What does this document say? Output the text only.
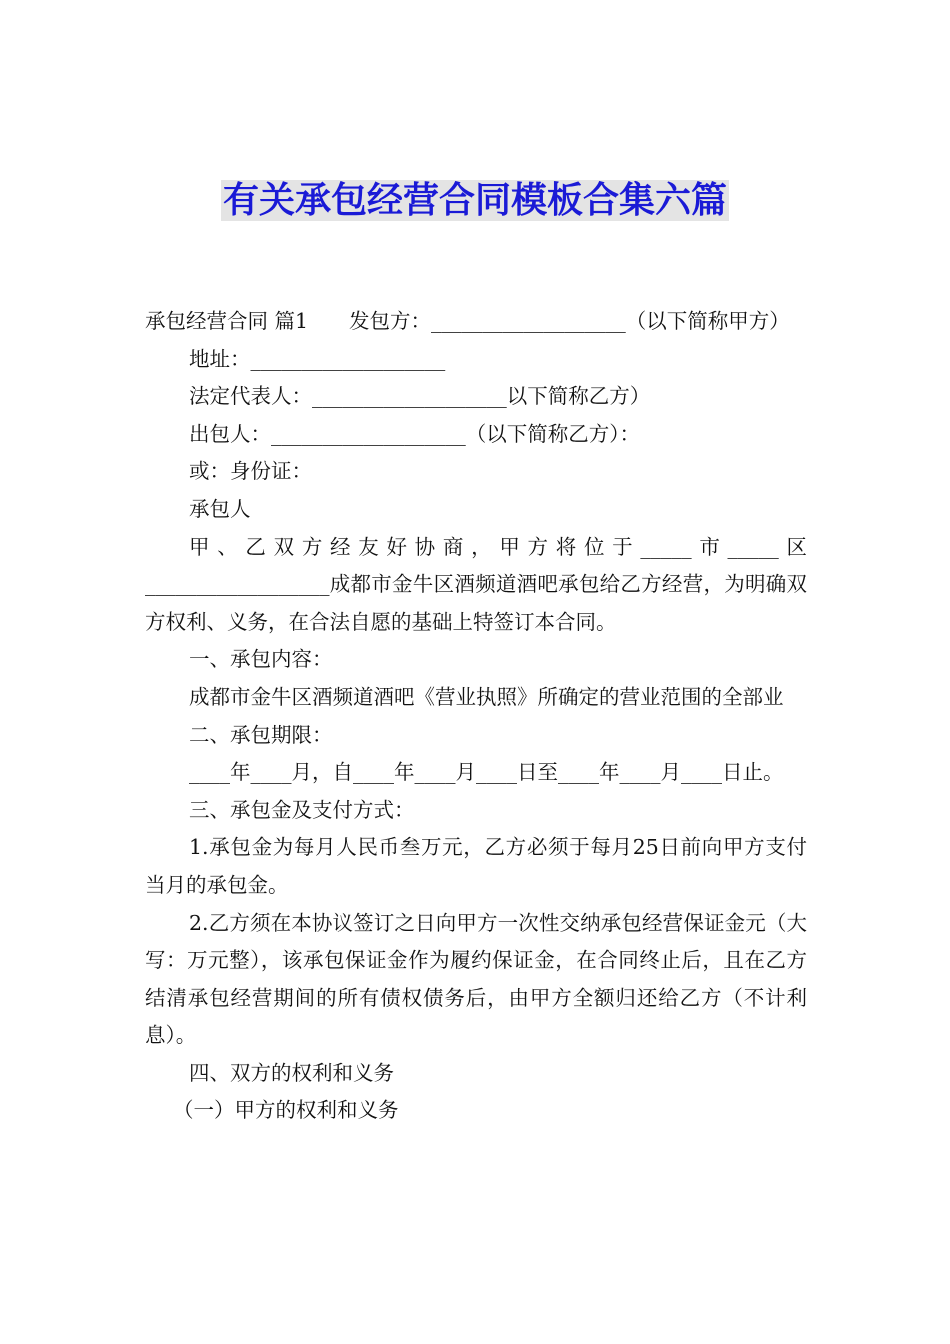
有关承包经营合同模板合集六篇

承包经营合同 篇1　　发包方：___________________（以下简称甲方）

地址：___________________

法定代表人：___________________以下简称乙方）

出包人：___________________（以下简称乙方）：

或：身份证：

承包人

甲、乙双方经友好协商，甲方将位于_____市_____区__________________成都市金牛区酒频道酒吧承包给乙方经营，为明确双方权利、义务，在合法自愿的基础上特签订本合同。

一、承包内容：

成都市金牛区酒频道酒吧《营业执照》所确定的营业范围的全部业

二、承包期限：

____年____月，自____年____月____日至____年____月____日止。

三、承包金及支付方式：

1.承包金为每月人民币叁万元，乙方必须于每月25日前向甲方支付当月的承包金。

2.乙方须在本协议签订之日向甲方一次性交纳承包经营保证金元（大写：万元整），该承包保证金作为履约保证金，在合同终止后，且在乙方结清承包经营期间的所有债权债务后，由甲方全额归还给乙方（不计利息）。

四、双方的权利和义务

（一）甲方的权利和义务
